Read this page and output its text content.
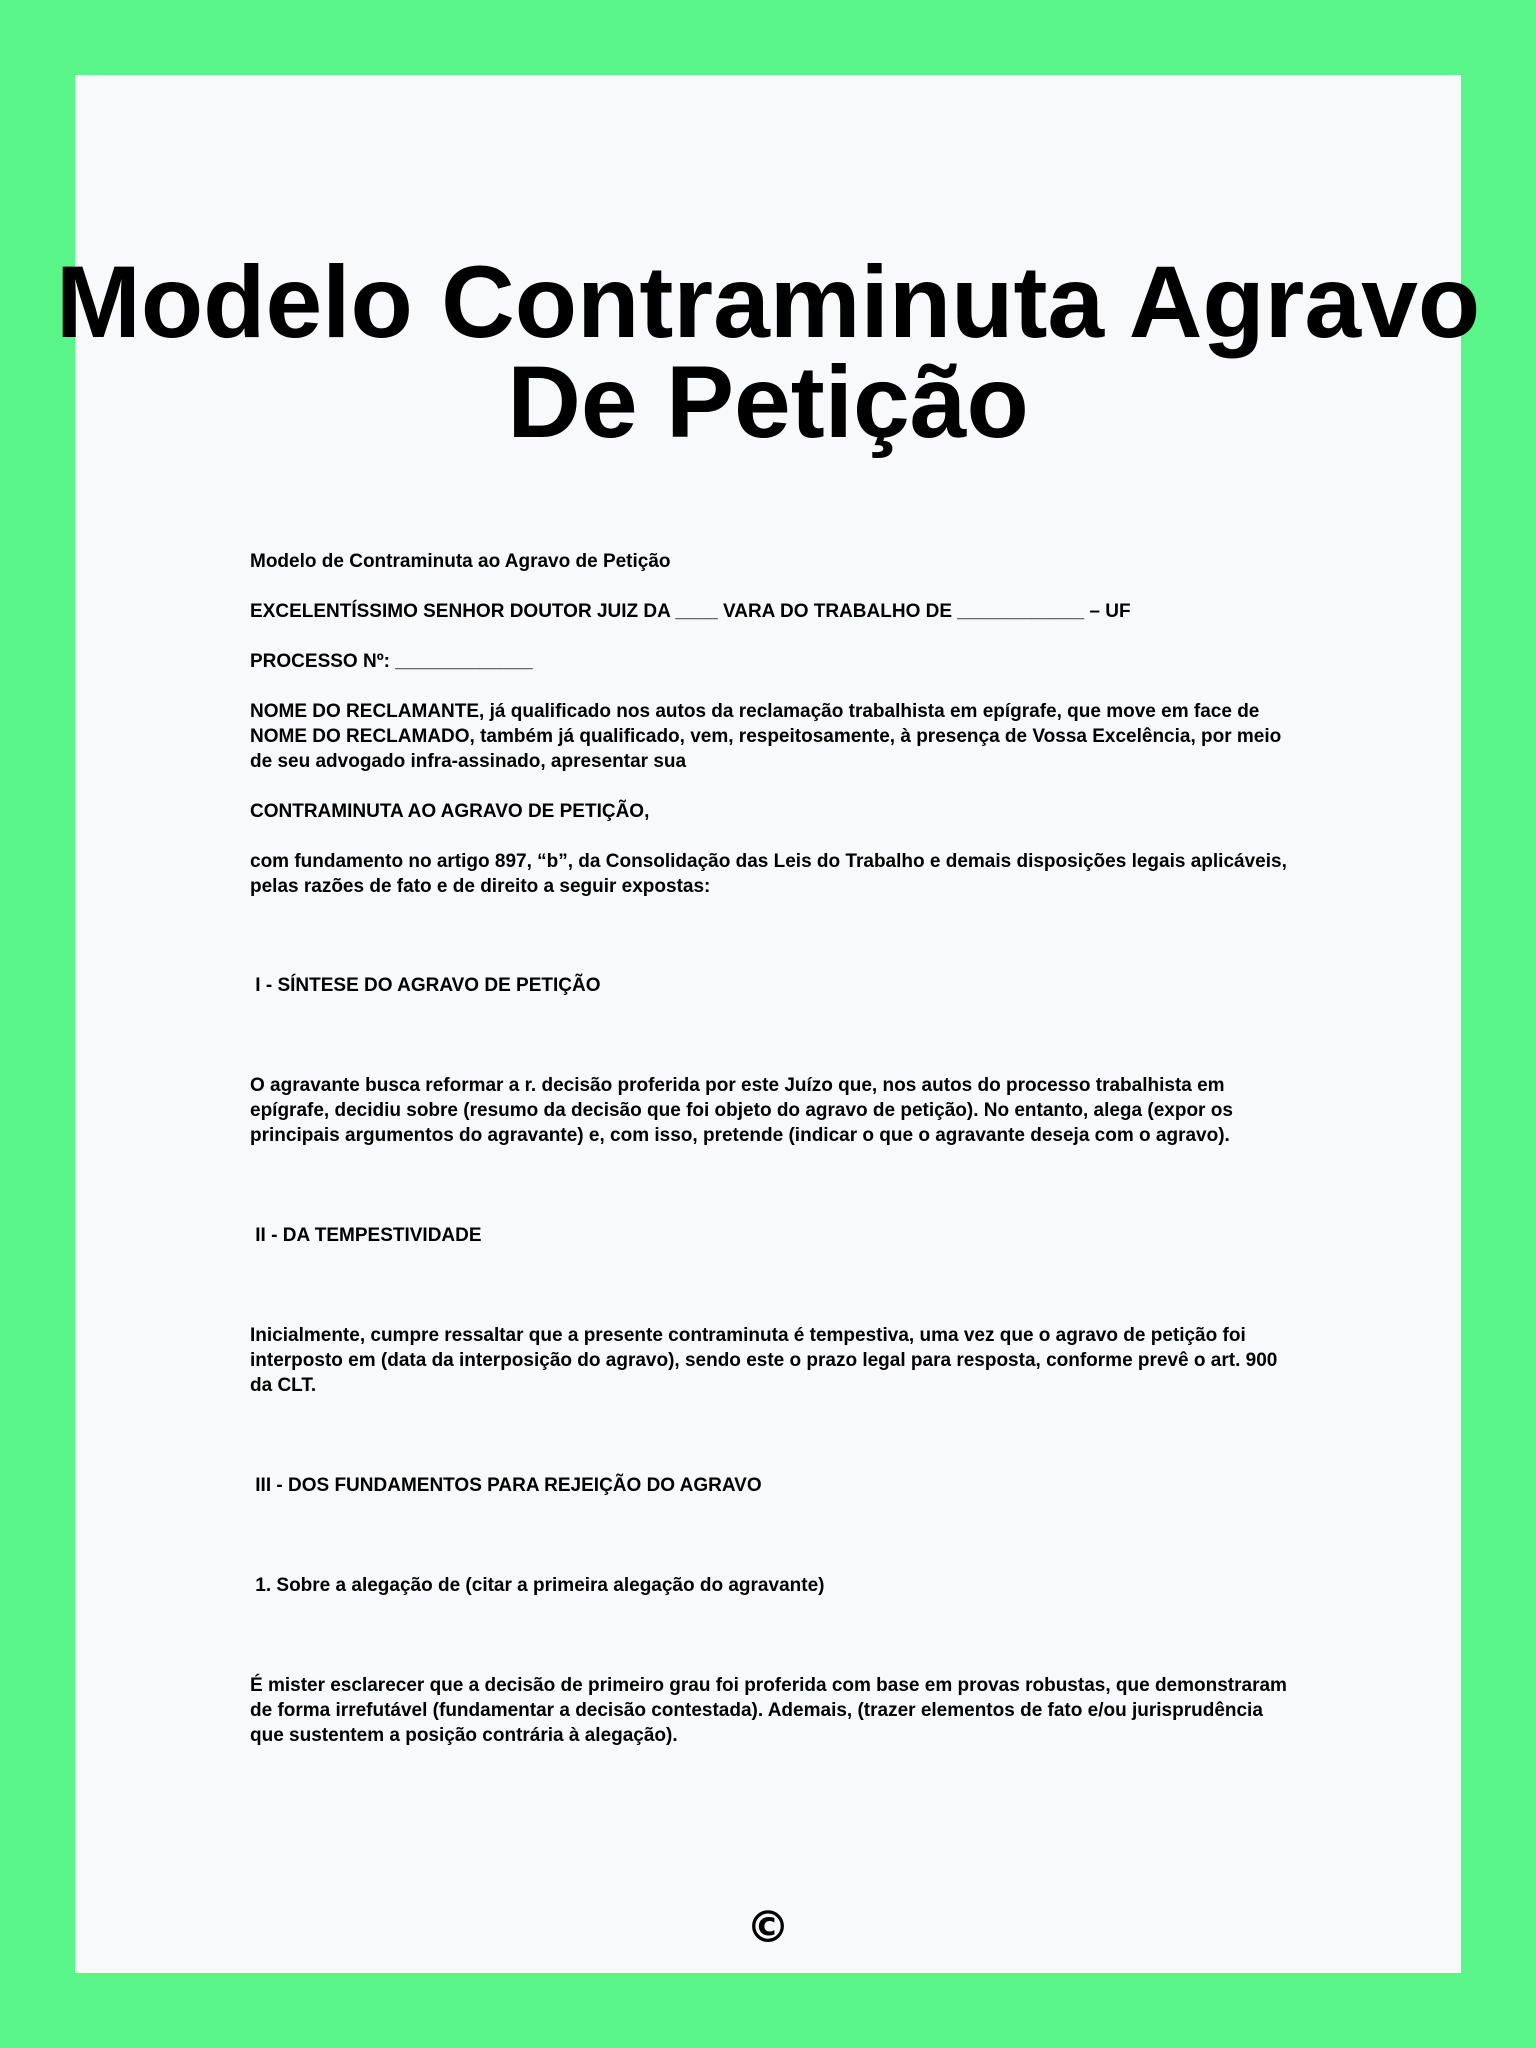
Modelo Contraminuta Agravo De Petição

Modelo de Contraminuta ao Agravo de Petição

EXCELENTÍSSIMO SENHOR DOUTOR JUIZ DA ____ VARA DO TRABALHO DE ____________ – UF

PROCESSO Nº: _____________

NOME DO RECLAMANTE, já qualificado nos autos da reclamação trabalhista em epígrafe, que move em face de NOME DO RECLAMADO, também já qualificado, vem, respeitosamente, à presença de Vossa Excelência, por meio de seu advogado infra-assinado, apresentar sua

CONTRAMINUTA AO AGRAVO DE PETIÇÃO,

com fundamento no artigo 897, “b”, da Consolidação das Leis do Trabalho e demais disposições legais aplicáveis, pelas razões de fato e de direito a seguir expostas:

I - SÍNTESE DO AGRAVO DE PETIÇÃO

O agravante busca reformar a r. decisão proferida por este Juízo que, nos autos do processo trabalhista em epígrafe, decidiu sobre (resumo da decisão que foi objeto do agravo de petição). No entanto, alega (expor os principais argumentos do agravante) e, com isso, pretende (indicar o que o agravante deseja com o agravo).

II - DA TEMPESTIVIDADE

Inicialmente, cumpre ressaltar que a presente contraminuta é tempestiva, uma vez que o agravo de petição foi interposto em (data da interposição do agravo), sendo este o prazo legal para resposta, conforme prevê o art. 900 da CLT.

III - DOS FUNDAMENTOS PARA REJEIÇÃO DO AGRAVO

1. Sobre a alegação de (citar a primeira alegação do agravante)

É mister esclarecer que a decisão de primeiro grau foi proferida com base em provas robustas, que demonstraram de forma irrefutável (fundamentar a decisão contestada). Ademais, (trazer elementos de fato e/ou jurisprudência que sustentem a posição contrária à alegação).

©
